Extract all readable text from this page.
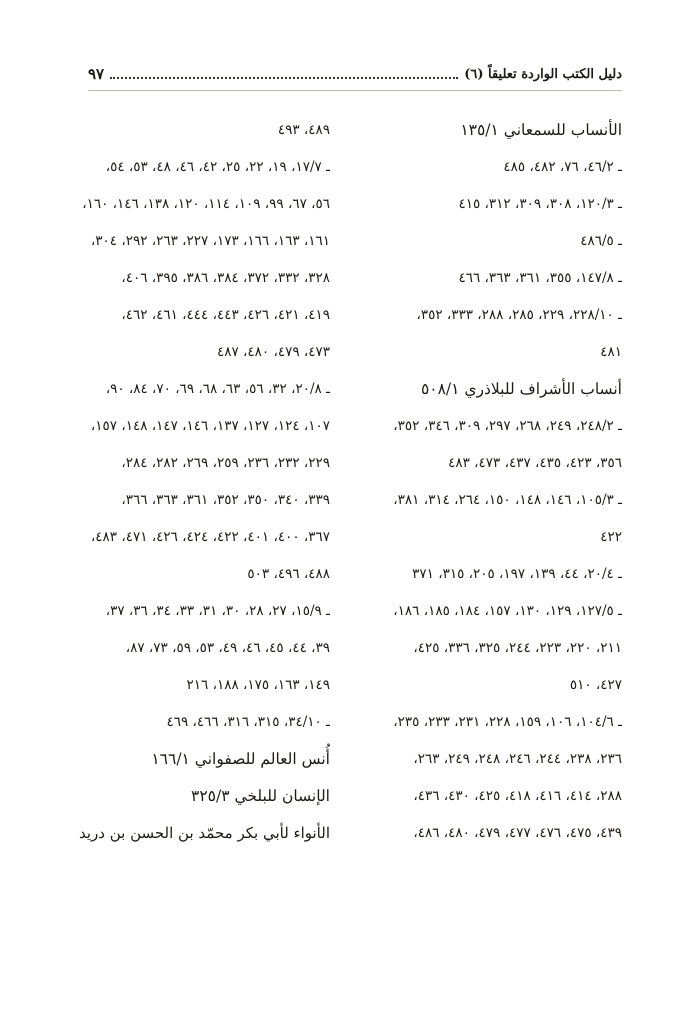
دليل الكتب الواردة تعليقاً (٦)
٩٧
الأنساب للسمعاني ١٣٥/١
ـ ٤٦/٢، ٧٦، ٤٨٢، ٤٨٥
ـ ١٢٠/٣، ٣٠٨، ٣٠٩، ٣١٢، ٤١٥
ـ ٤٨٦/٥
ـ ١٤٧/٨، ٣٥٥، ٣٦١، ٣٦٣، ٤٦٦
ـ ٢٢٨/١٠، ٢٢٩، ٢٨٥، ٢٨٨، ٣٣٣، ٣٥٢،
٤٨١
أنساب الأشراف للبلاذري ٥٠٨/١
ـ ٢٤٨/٢، ٢٤٩، ٢٦٨، ٢٩٧، ٣٠٩، ٣٤٦، ٣٥٢،
٣٥٦، ٤٢٣، ٤٣٥، ٤٣٧، ٤٧٣، ٤٨٣
ـ ١٠٥/٣، ١٤٦، ١٤٨، ١٥٠، ٢٦٤، ٣١٤، ٣٨١،
٤٢٢
ـ ٢٠/٤، ٤٤، ١٣٩، ١٩٧، ٢٠٥، ٣١٥، ٣٧١
ـ ١٢٧/٥، ١٢٩، ١٣٠، ١٥٧، ١٨٤، ١٨٥، ١٨٦،
٢١١، ٢٢٠، ٢٢٣، ٢٤٤، ٣٢٥، ٣٣٦، ٤٢٥،
٤٢٧، ٥١٠
ـ ١٠٤/٦، ١٠٦، ١٥٩، ٢٢٨، ٢٣١، ٢٣٣، ٢٣٥،
٢٣٦، ٢٣٨، ٢٤٤، ٢٤٦، ٢٤٨، ٢٤٩، ٢٦٣،
٢٨٨، ٤١٤، ٤١٦، ٤١٨، ٤٢٥، ٤٣٠، ٤٣٦،
٤٣٩، ٤٧٥، ٤٧٦، ٤٧٧، ٤٧٩، ٤٨٠، ٤٨٦،
٤٨٩، ٤٩٣
ـ ١٧/٧، ١٩، ٢٢، ٢٥، ٤٢، ٤٦، ٤٨، ٥٣، ٥٤،
٥٦، ٦٧، ٩٩، ١٠٩، ١١٤، ١٢٠، ١٣٨، ١٤٦، ١٦٠،
١٦١، ١٦٣، ١٦٦، ١٧٣، ٢٢٧، ٢٦٣، ٢٩٢، ٣٠٤،
٣٢٨، ٣٣٢، ٣٧٢، ٣٨٤، ٣٨٦، ٣٩٥، ٤٠٦،
٤١٩، ٤٢١، ٤٢٦، ٤٤٣، ٤٤٤، ٤٦١، ٤٦٢،
٤٧٣، ٤٧٩، ٤٨٠، ٤٨٧
ـ ٢٠/٨، ٣٢، ٥٦، ٦٣، ٦٨، ٦٩، ٧٠، ٨٤، ٩٠،
١٠٧، ١٢٤، ١٢٧، ١٣٧، ١٤٦، ١٤٧، ١٤٨، ١٥٧،
٢٢٩، ٢٣٢، ٢٣٦، ٢٥٩، ٢٦٩، ٢٨٢، ٢٨٤،
٣٣٩، ٣٤٠، ٣٥٠، ٣٥٢، ٣٦١، ٣٦٣، ٣٦٦،
٣٦٧، ٤٠٠، ٤٠١، ٤٢٢، ٤٢٤، ٤٢٦، ٤٧١، ٤٨٣،
٤٨٨، ٤٩٦، ٥٠٣
ـ ١٥/٩، ٢٧، ٢٨، ٣٠، ٣١، ٣٣، ٣٤، ٣٦، ٣٧،
٣٩، ٤٤، ٤٥، ٤٦، ٤٩، ٥٣، ٥٩، ٧٣، ٨٧،
١٤٩، ١٦٣، ١٧٥، ١٨٨، ٢١٦
ـ ٣٤/١٠، ٣١٥، ٣١٦، ٤٦٦، ٤٦٩
أُنس العالم للصفواني ١٦٦/١
الإنسان للبلخي ٣٢٥/٣
الأنواء لأبي بكر محمّد بن الحسن بن دريد
